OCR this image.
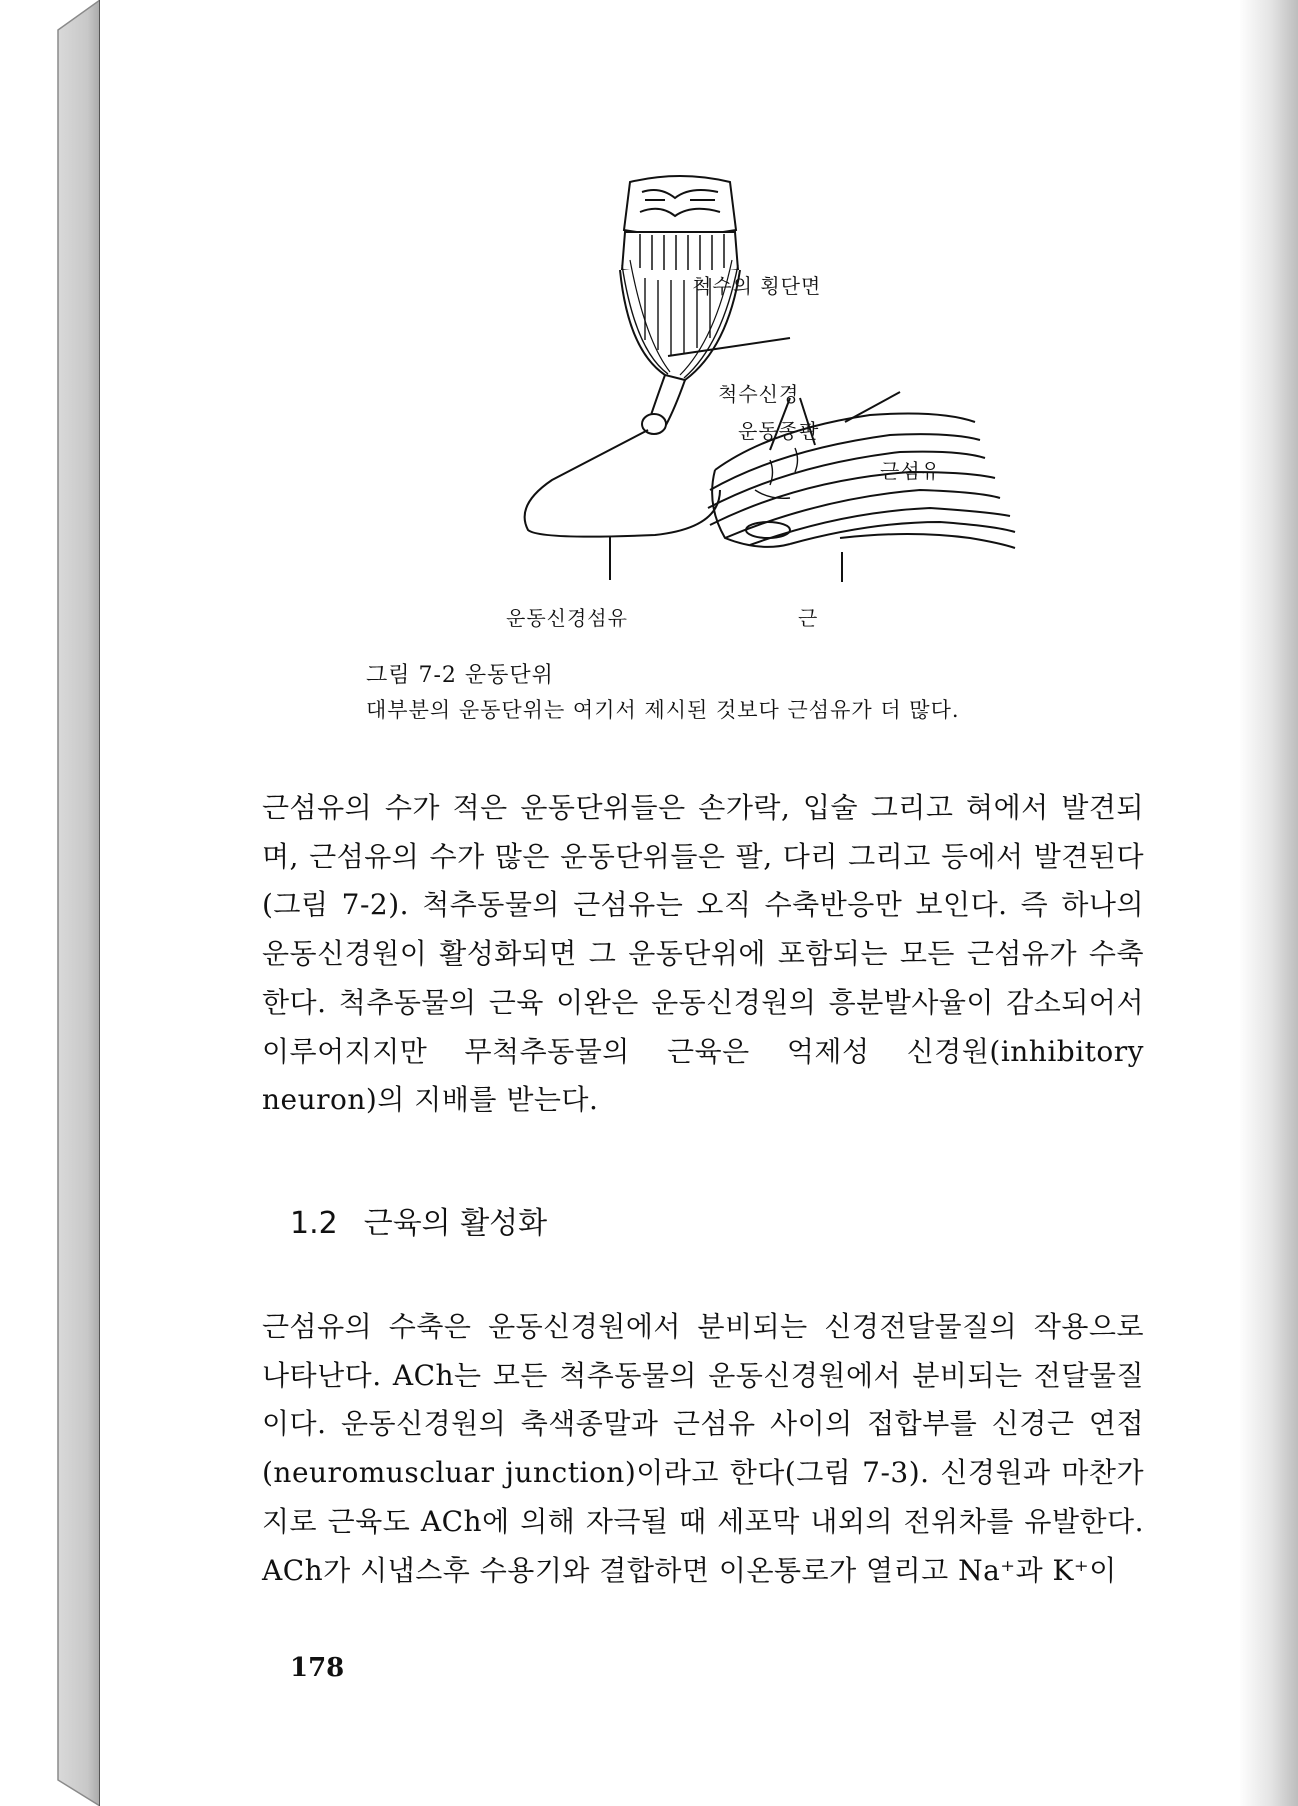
척수의 횡단면
척수신경
운동종판
근섬유
운동신경섬유	근
그림 7-2 운동단위
대부분의 운동단위는 여기서 제시된 것보다 근섬유가 더 많다.

근섬유의 수가 적은 운동단위들은 손가락, 입술 그리고 혀에서 발견되며, 근섬유의 수가 많은 운동단위들은 팔, 다리 그리고 등에서 발견된다 (그림 7-2). 척추동물의 근섬유는 오직 수축반응만 보인다. 즉 하나의 운동신경원이 활성화되면 그 운동단위에 포함되는 모든 근섬유가 수축한다. 척추동물의 근육 이완은 운동신경원의 흥분발사율이 감소되어서 이루어지지만 무척추동물의 근육은 억제성 신경원(inhibitory neuron)의 지배를 받는다.

1.2 근육의 활성화

근섬유의 수축은 운동신경원에서 분비되는 신경전달물질의 작용으로 나타난다. ACh는 모든 척추동물의 운동신경원에서 분비되는 전달물질이다. 운동신경원의 축색종말과 근섬유 사이의 접합부를 신경근 연접(neuromuscluar junction)이라고 한다(그림 7-3). 신경원과 마찬가지로 근육도 ACh에 의해 자극될 때 세포막 내외의 전위차를 유발한다. ACh가 시냅스후 수용기와 결합하면 이온통로가 열리고 Na⁺과 K⁺이

178
